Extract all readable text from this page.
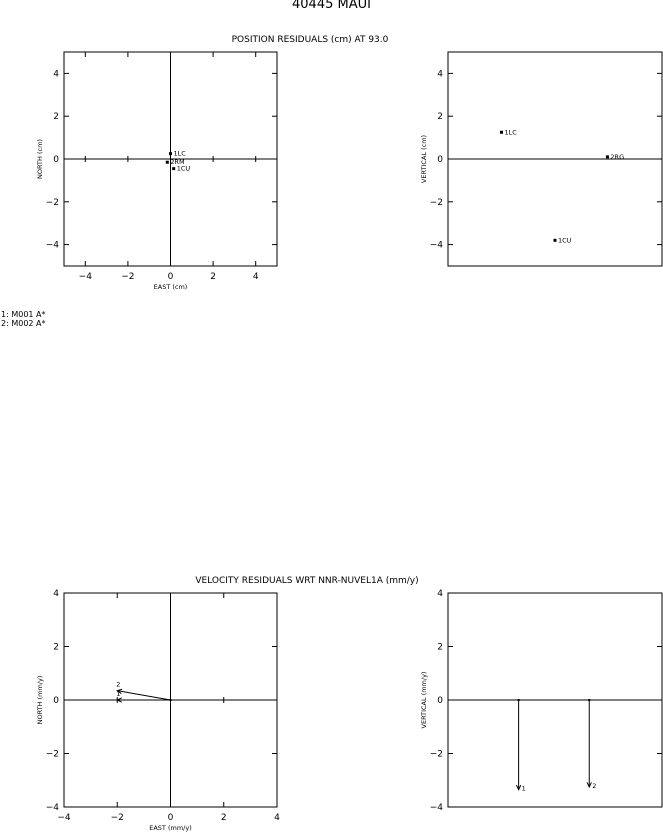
40445 MAUI
1: M001 A*
2: M002 A*
−4
−2
0
2
4
−4	−2	0	2	4
POSITION RESIDUALS (cm) AT 93.0
EAST (cm)
NORTH (cm)	1LC
2RM
1CU
−4
−2
0
2
4
VERTICAL (cm)
1LC
2RG
1CU
−4
−2
0
2
4
−4	−2	0	2	4
VELOCITY RESIDUALS WRT NNR-NUVEL1A (mm/y)
EAST (mm/y)
NORTH (mm/y)	1
2
−4
−2
0
2
4
VERTICAL (mm/y)
1	2
